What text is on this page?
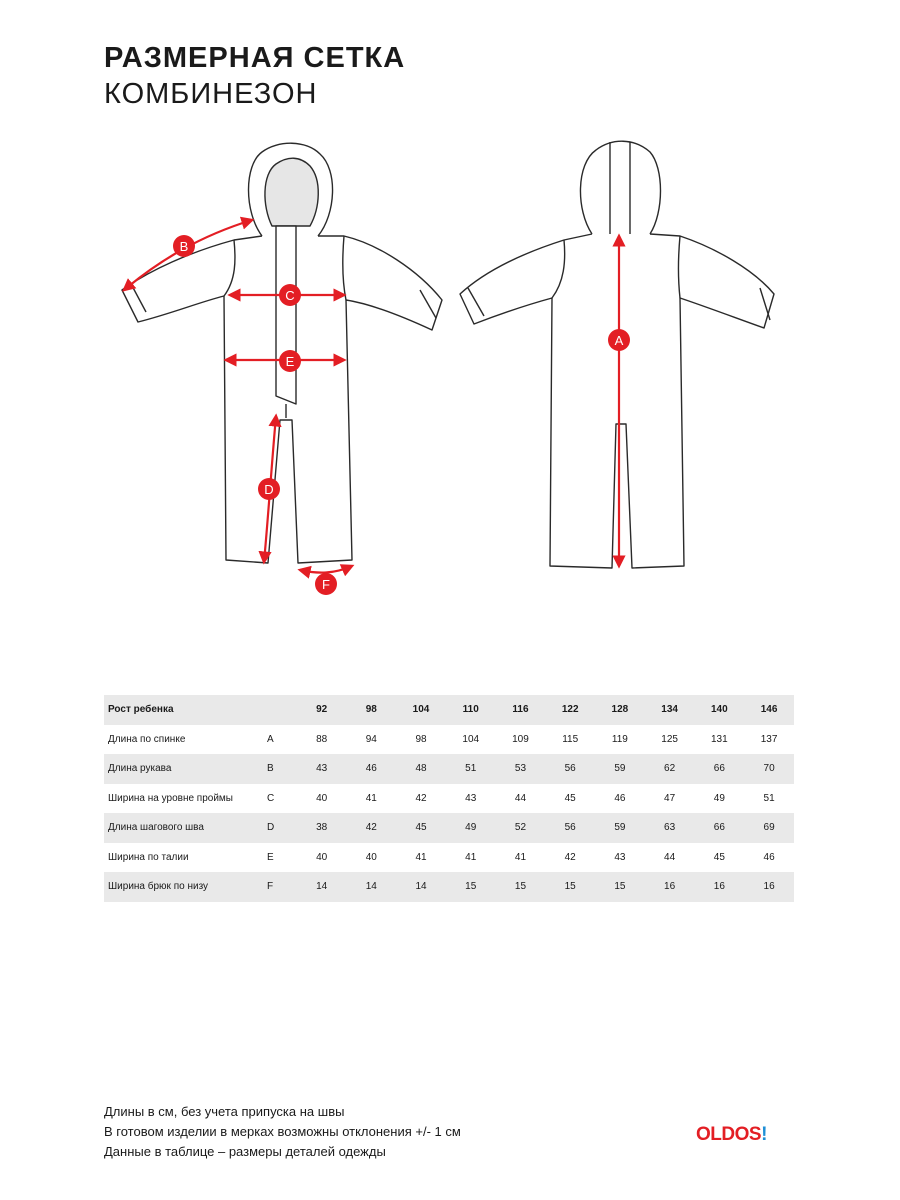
РАЗМЕРНАЯ СЕТКА
КОМБИНЕЗОН
B
C
E
D
F
A
Рост ребенка		92	98	104	110	116	122	128	134	140	146
Длина по спинке	A	88	94	98	104	109	115	119	125	131	137
Длина рукава	B	43	46	48	51	53	56	59	62	66	70
Ширина на уровне проймы	C	40	41	42	43	44	45	46	47	49	51
Длина шагового шва	D	38	42	45	49	52	56	59	63	66	69
Ширина по талии	E	40	40	41	41	41	42	43	44	45	46
Ширина брюк по низу	F	14	14	14	15	15	15	15	16	16	16
Длины в см, без учета припуска на швы
В готовом изделии в мерках возможны отклонения +/- 1 см
Данные в таблице – размеры деталей одежды
OLDOS!
